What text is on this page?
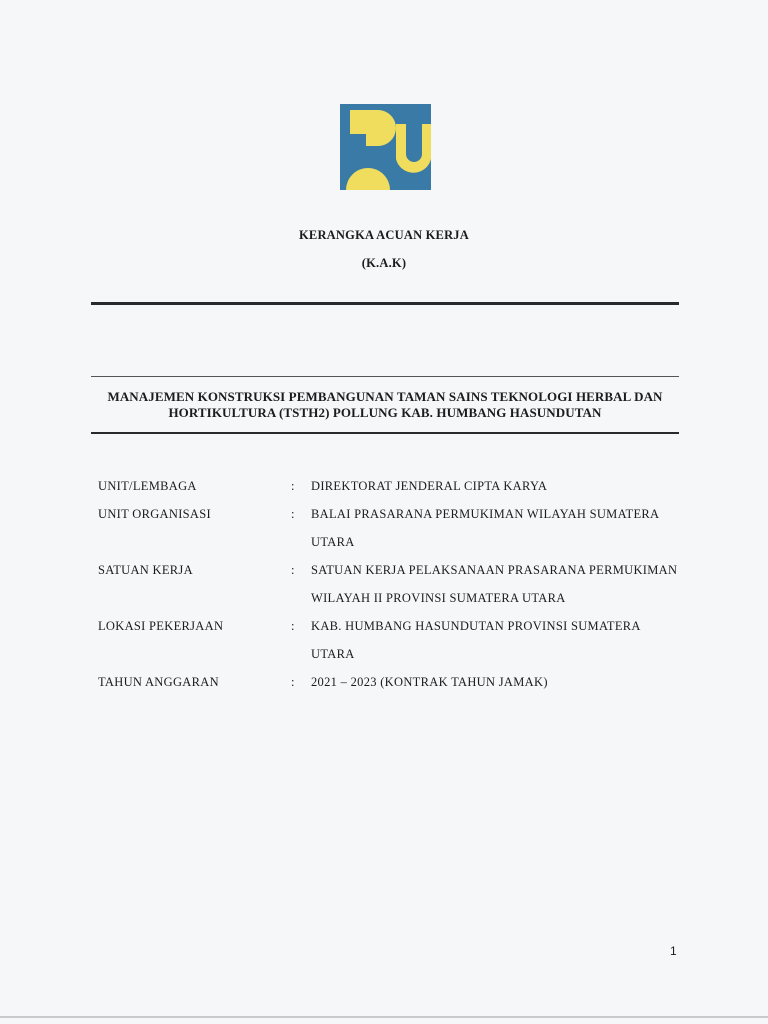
KERANGKA ACUAN KERJA
(K.A.K)
MANAJEMEN KONSTRUKSI PEMBANGUNAN TAMAN SAINS TEKNOLOGI HERBAL DAN
HORTIKULTURA (TSTH2) POLLUNG KAB. HUMBANG HASUNDUTAN
UNIT/LEMBAGA	:	DIREKTORAT JENDERAL CIPTA KARYA
UNIT ORGANISASI	:	BALAI PRASARANA PERMUKIMAN WILAYAH SUMATERA UTARA
SATUAN KERJA	:	SATUAN KERJA PELAKSANAAN PRASARANA PERMUKIMAN WILAYAH II PROVINSI SUMATERA UTARA
LOKASI PEKERJAAN	:	KAB. HUMBANG HASUNDUTAN PROVINSI SUMATERA UTARA
TAHUN ANGGARAN	:	2021 – 2023 (KONTRAK TAHUN JAMAK)
1
